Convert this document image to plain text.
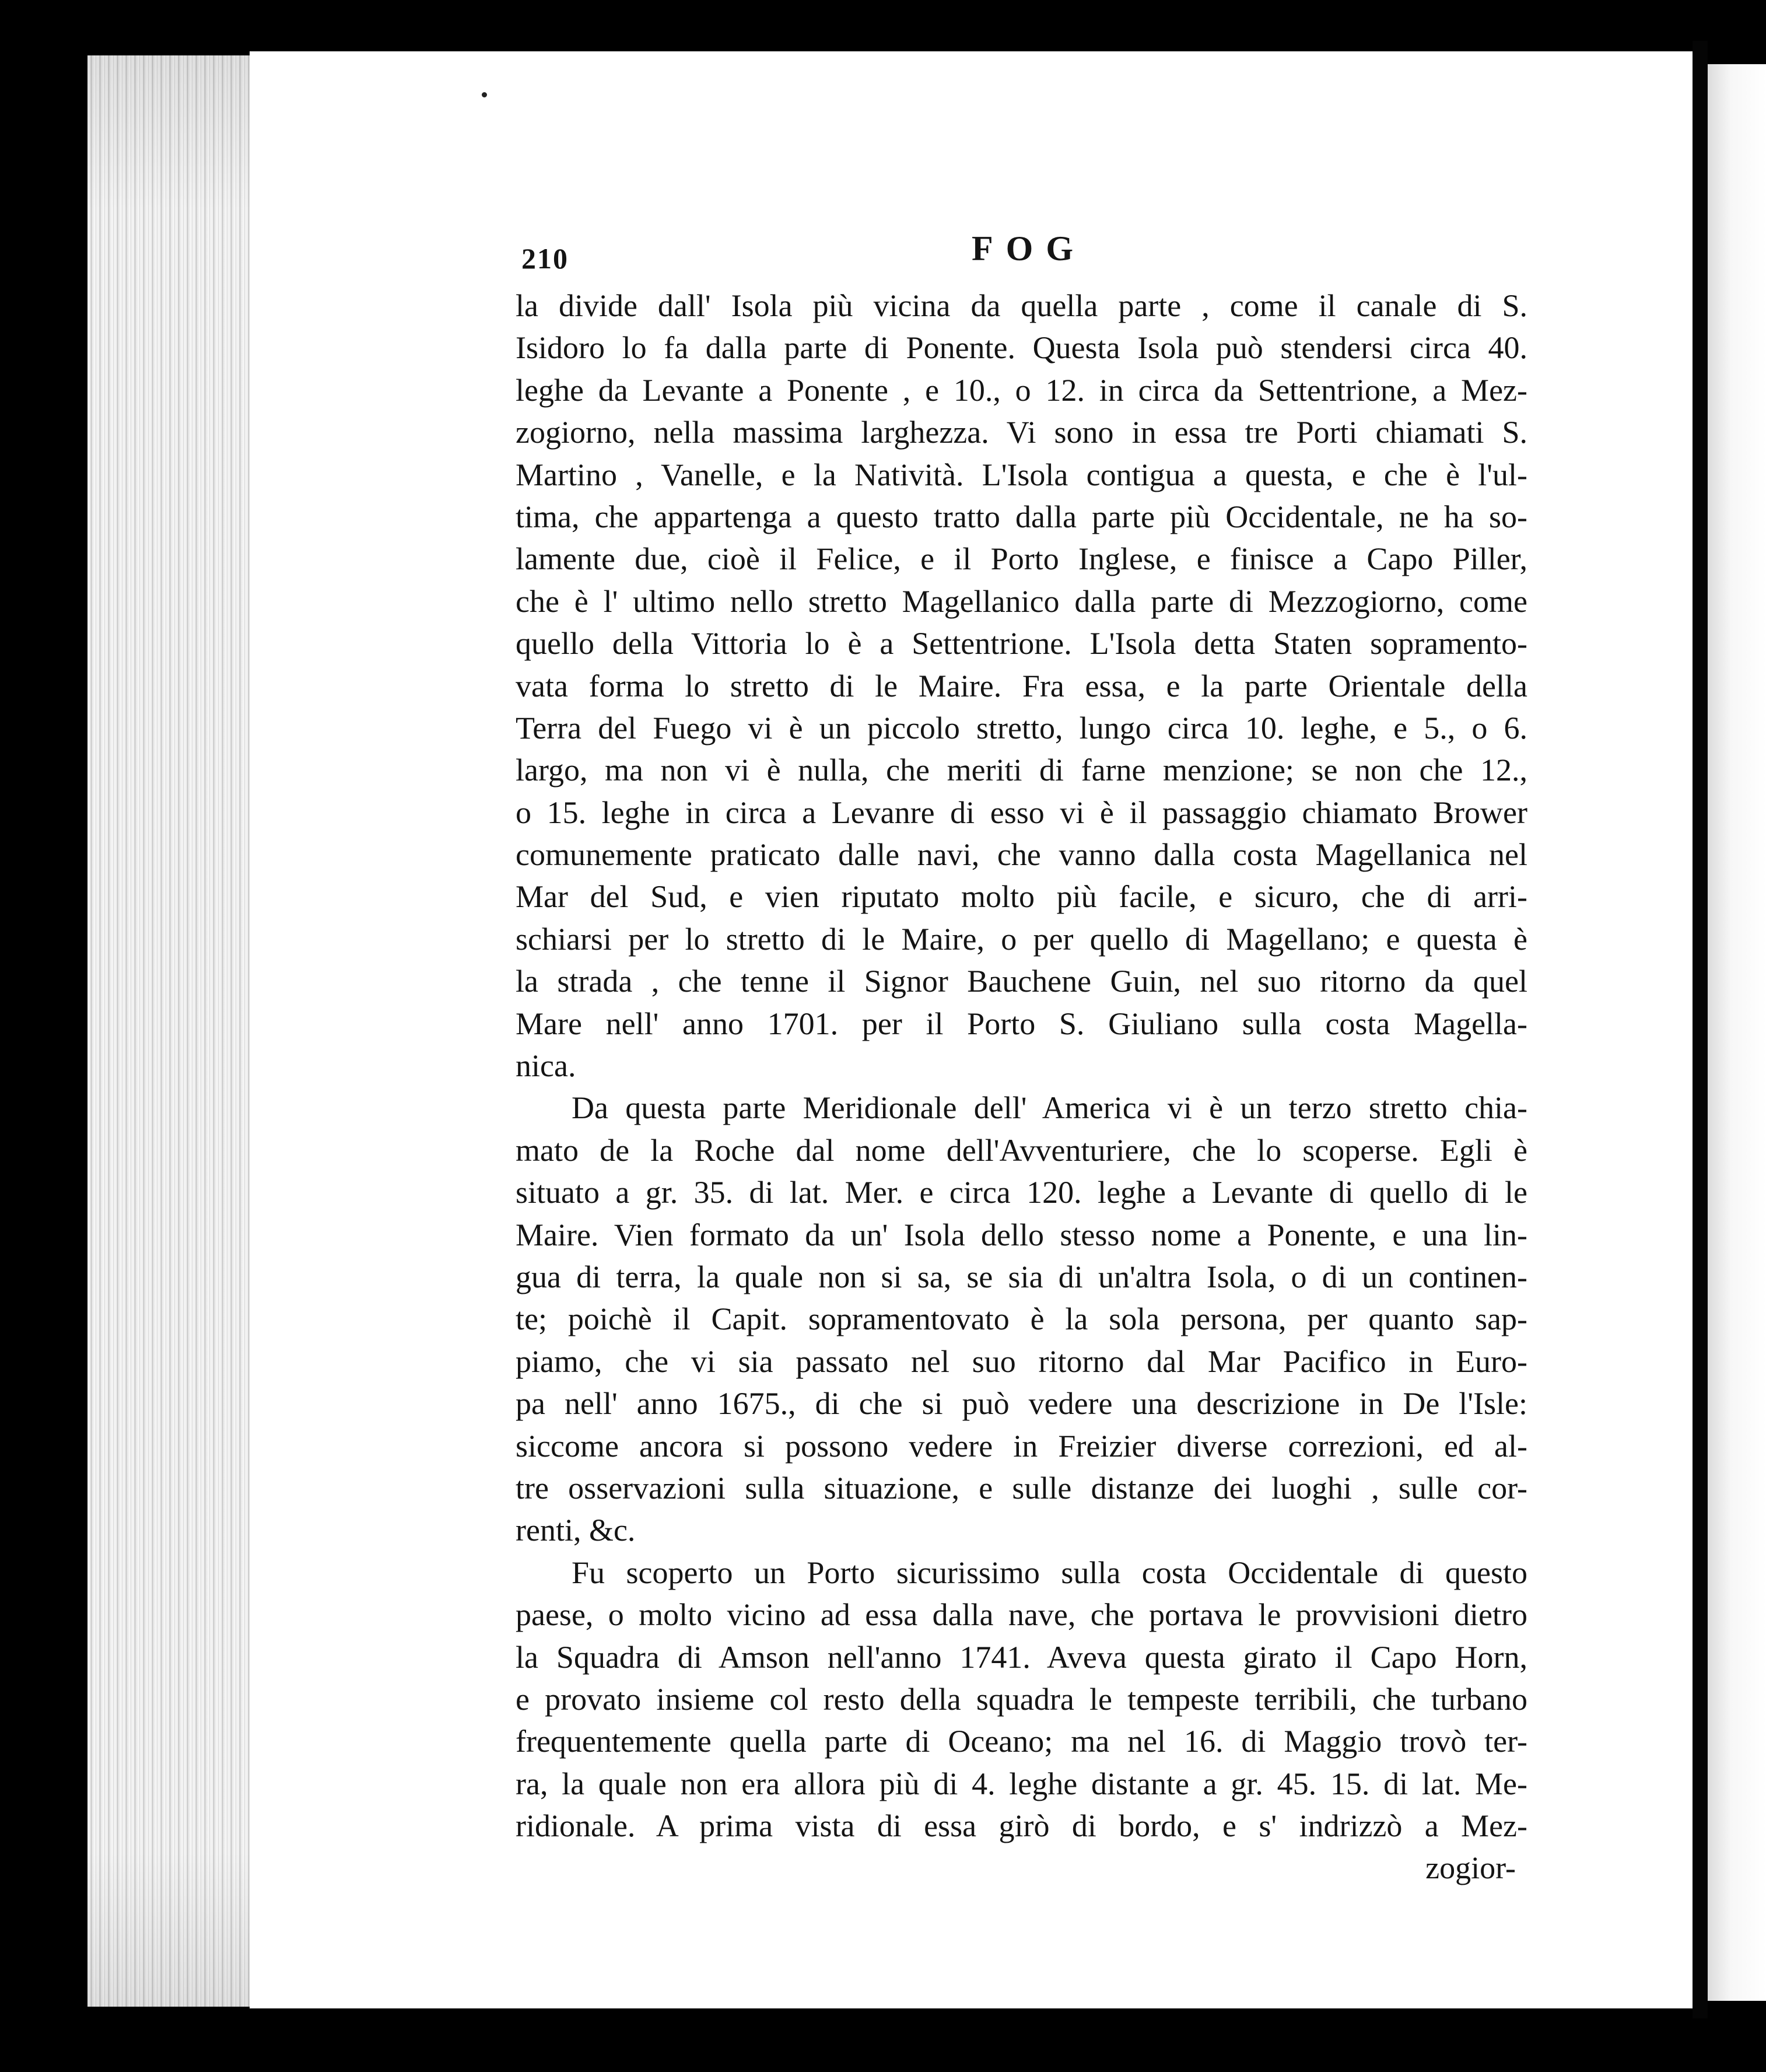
210	FOG
la divide dall' Isola più vicina da quella parte , come il canale di S.
Isidoro lo fa dalla parte di Ponente. Questa Isola può stendersi circa 40.
leghe da Levante a Ponente , e 10., o 12. in circa da Settentrione, a Mez-
zogiorno, nella massima larghezza. Vi sono in essa tre Porti chiamati S.
Martino , Vanelle, e la Natività. L'Isola contigua a questa, e che è l'ul-
tima, che appartenga a questo tratto dalla parte più Occidentale, ne ha so-
lamente due, cioè il Felice, e il Porto Inglese, e finisce a Capo Piller,
che è l' ultimo nello stretto Magellanico dalla parte di Mezzogiorno, come
quello della Vittoria lo è a Settentrione. L'Isola detta Staten sopramento-
vata forma lo stretto di le Maire. Fra essa, e la parte Orientale della
Terra del Fuego vi è un piccolo stretto, lungo circa 10. leghe, e 5., o 6.
largo, ma non vi è nulla, che meriti di farne menzione; se non che 12.,
o 15. leghe in circa a Levanre di esso vi è il passaggio chiamato Brower
comunemente praticato dalle navi, che vanno dalla costa Magellanica nel
Mar del Sud, e vien riputato molto più facile, e sicuro, che di arri-
schiarsi per lo stretto di le Maire, o per quello di Magellano; e questa è
la strada , che tenne il Signor Bauchene Guin, nel suo ritorno da quel
Mare nell' anno 1701. per il Porto S. Giuliano sulla costa Magella-
nica.
Da questa parte Meridionale dell' America vi è un terzo stretto chia-
mato de la Roche dal nome dell'Avventuriere, che lo scoperse. Egli è
situato a gr. 35. di lat. Mer. e circa 120. leghe a Levante di quello di le
Maire. Vien formato da un' Isola dello stesso nome a Ponente, e una lin-
gua di terra, la quale non si sa, se sia di un'altra Isola, o di un continen-
te; poichè il Capit. sopramentovato è la sola persona, per quanto sap-
piamo, che vi sia passato nel suo ritorno dal Mar Pacifico in Euro-
pa nell' anno 1675., di che si può vedere una descrizione in De l'Isle:
siccome ancora si possono vedere in Freizier diverse correzioni, ed al-
tre osservazioni sulla situazione, e sulle distanze dei luoghi , sulle cor-
renti, &c.
Fu scoperto un Porto sicurissimo sulla costa Occidentale di questo
paese, o molto vicino ad essa dalla nave, che portava le provvisioni dietro
la Squadra di Amson nell'anno 1741. Aveva questa girato il Capo Horn,
e provato insieme col resto della squadra le tempeste terribili, che turbano
frequentemente quella parte di Oceano; ma nel 16. di Maggio trovò ter-
ra, la quale non era allora più di 4. leghe distante a gr. 45. 15. di lat. Me-
ridionale. A prima vista di essa girò di bordo, e s' indrizzò a Mez-
zogior-
